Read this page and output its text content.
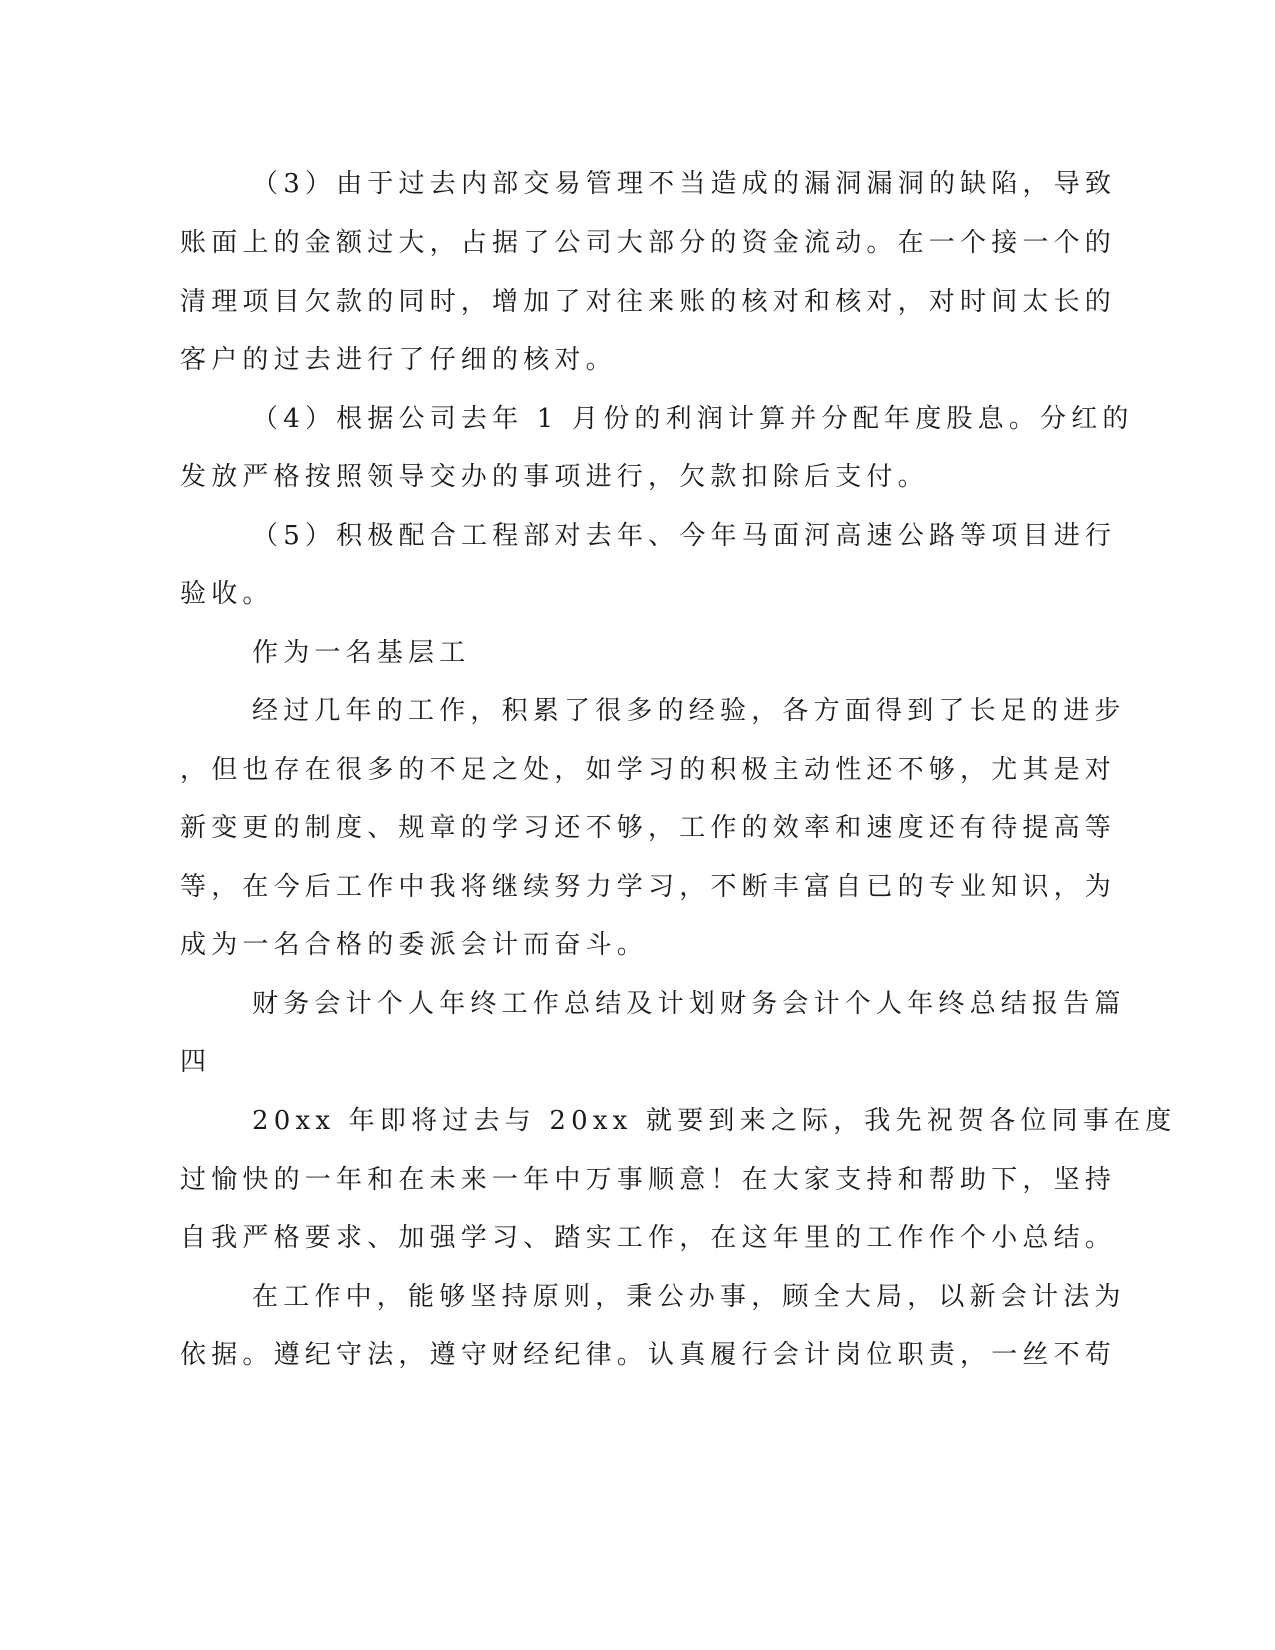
（3）由于过去内部交易管理不当造成的漏洞漏洞的缺陷，导致

账面上的金额过大，占据了公司大部分的资金流动。在一个接一个的

清理项目欠款的同时，增加了对往来账的核对和核对，对时间太长的

客户的过去进行了仔细的核对。

（4）根据公司去年 1 月份的利润计算并分配年度股息。分红的

发放严格按照领导交办的事项进行，欠款扣除后支付。

（5）积极配合工程部对去年、今年马面河高速公路等项目进行

验收。

作为一名基层工

经过几年的工作，积累了很多的经验，各方面得到了长足的进步

，但也存在很多的不足之处，如学习的积极主动性还不够，尤其是对

新变更的制度、规章的学习还不够，工作的效率和速度还有待提高等

等，在今后工作中我将继续努力学习，不断丰富自已的专业知识，为

成为一名合格的委派会计而奋斗。

财务会计个人年终工作总结及计划财务会计个人年终总结报告篇

四

20xx 年即将过去与 20xx 就要到来之际，我先祝贺各位同事在度

过愉快的一年和在未来一年中万事顺意！在大家支持和帮助下，坚持

自我严格要求、加强学习、踏实工作，在这年里的工作作个小总结。

在工作中，能够坚持原则，秉公办事，顾全大局，以新会计法为

依据。遵纪守法，遵守财经纪律。认真履行会计岗位职责，一丝不苟
